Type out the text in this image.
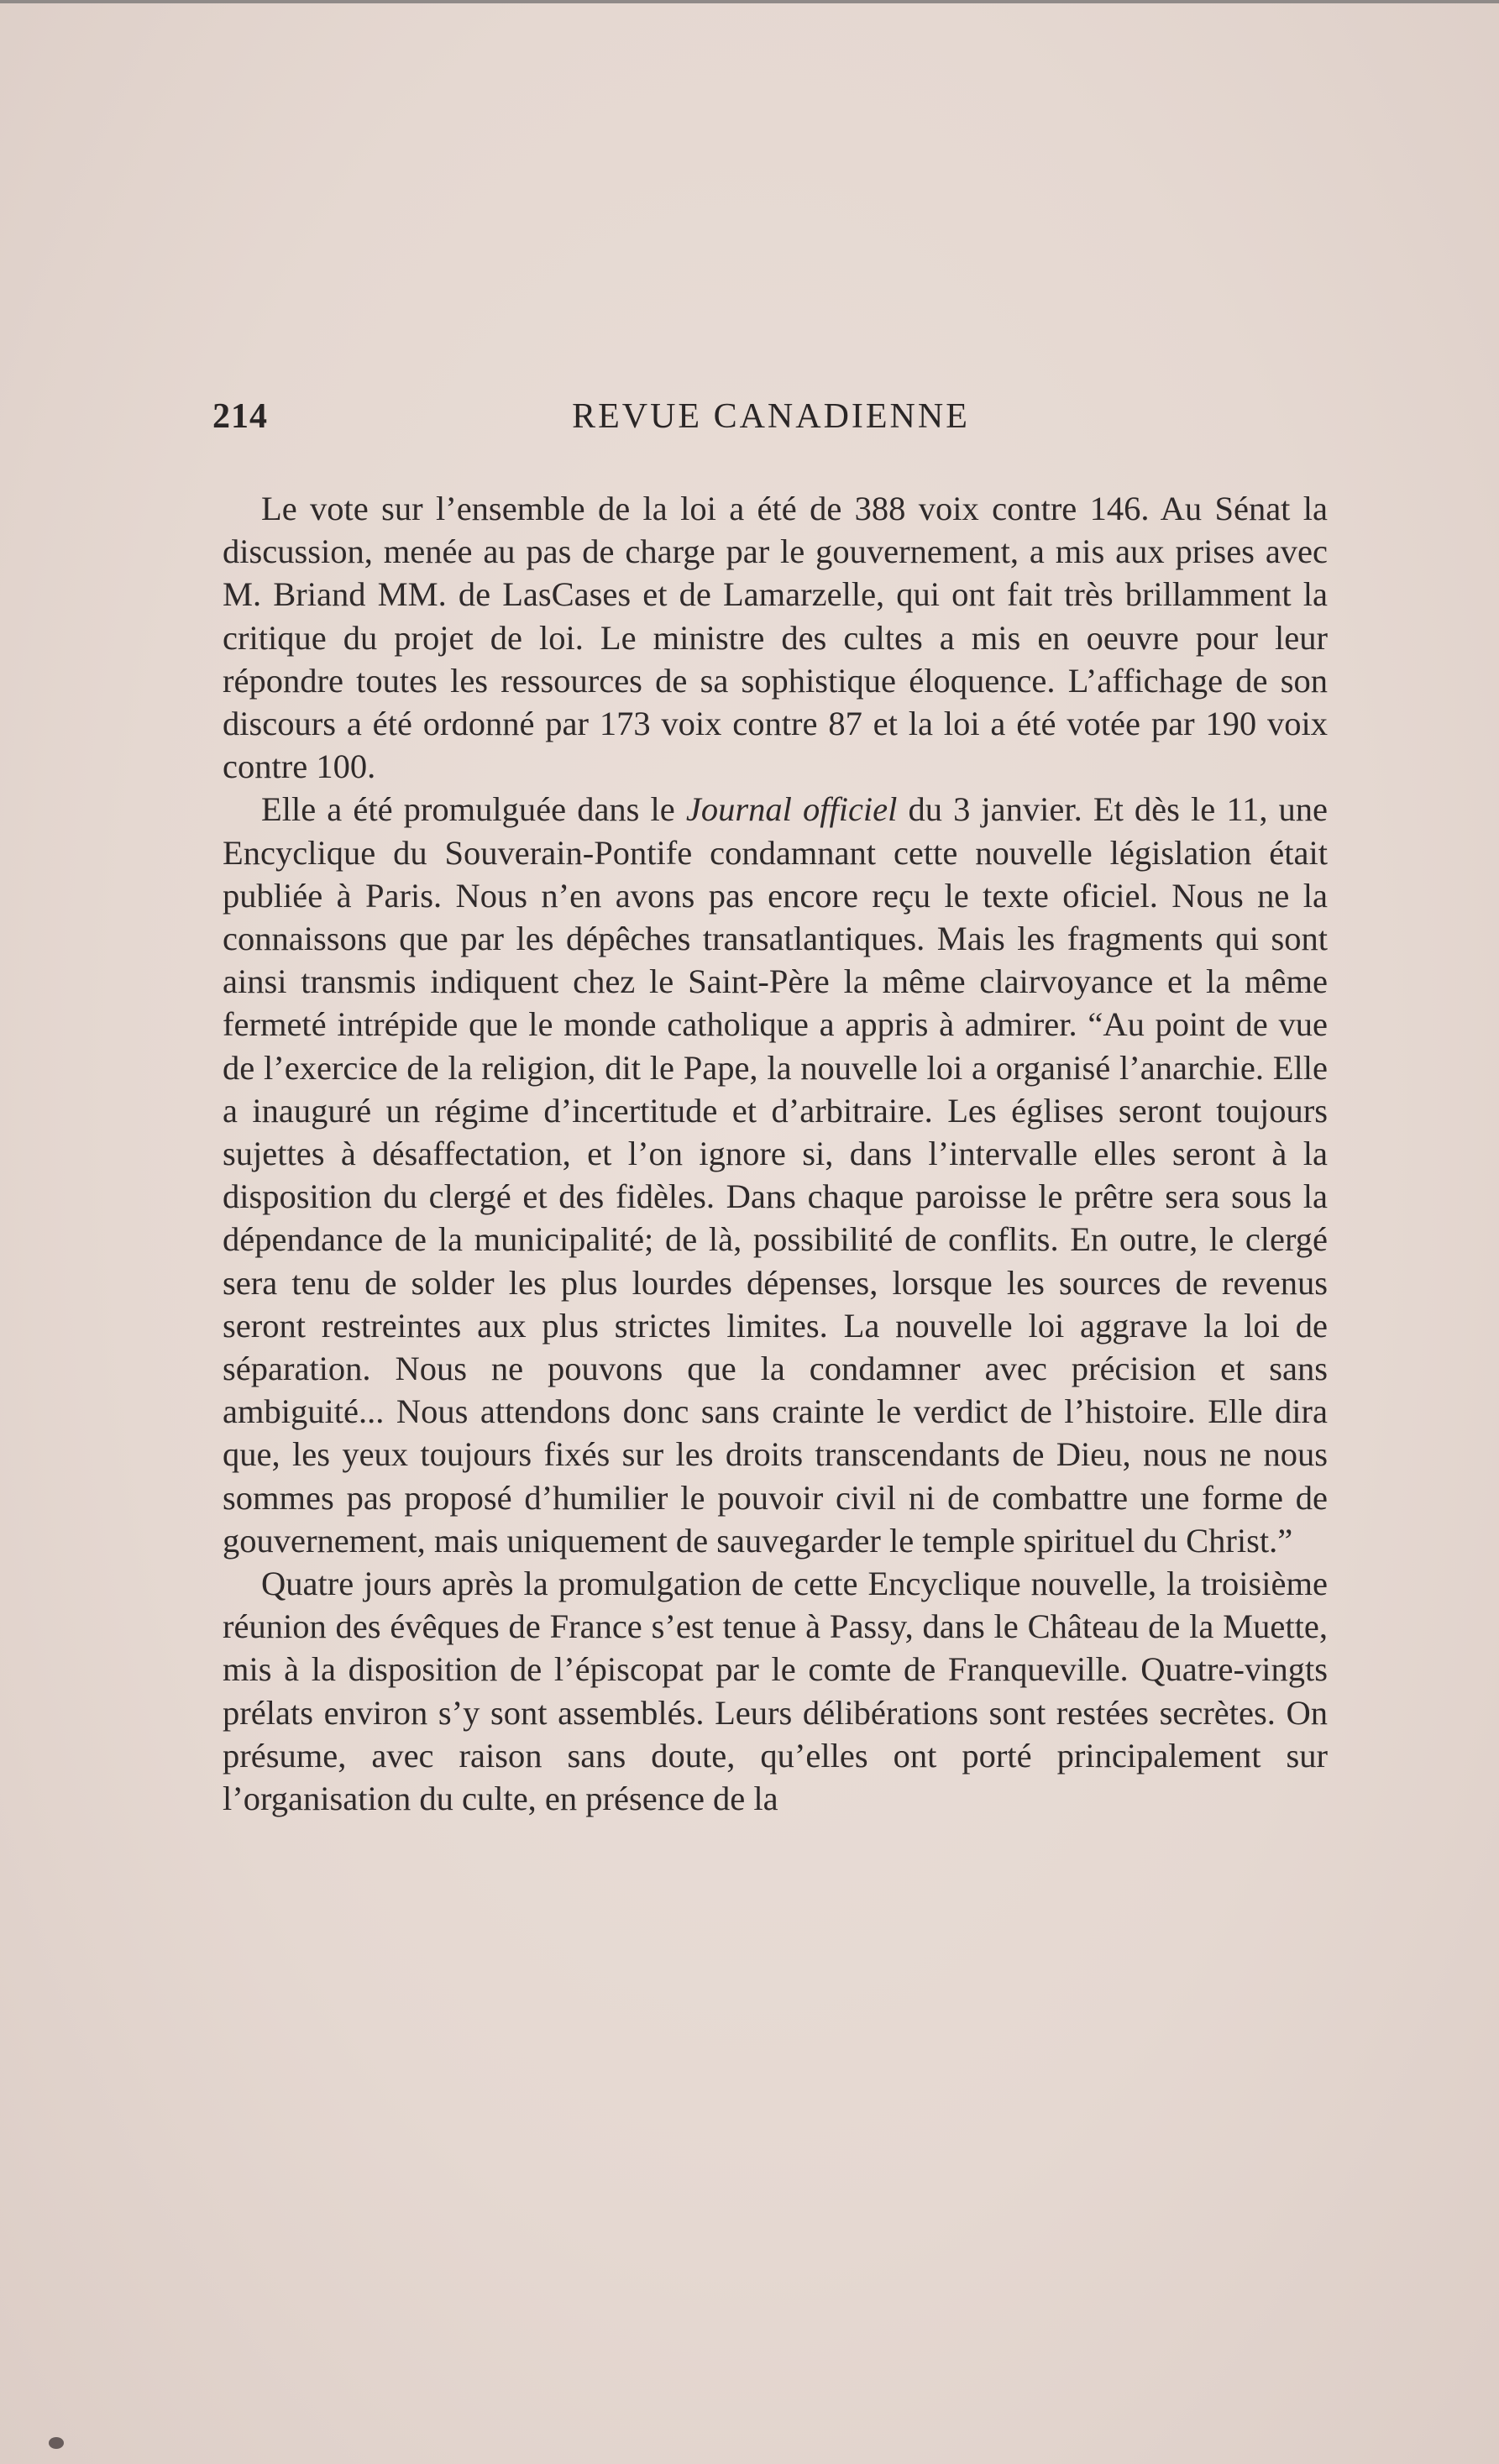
214	REVUE CANADIENNE

Le vote sur l’ensemble de la loi a été de 388 voix contre 146. Au Sénat la discussion, menée au pas de charge par le gouvernement, a mis aux prises avec M. Briand MM. de LasCases et de Lamarzelle, qui ont fait très brillamment la critique du projet de loi. Le ministre des cultes a mis en oeuvre pour leur répondre toutes les ressources de sa sophistique éloquence. L’affichage de son discours a été ordonné par 173 voix contre 87 et la loi a été votée par 190 voix contre 100.

Elle a été promulguée dans le Journal officiel du 3 janvier. Et dès le 11, une Encyclique du Souverain-Pontife condamnant cette nouvelle législation était publiée à Paris. Nous n’en avons pas encore reçu le texte oficiel. Nous ne la connaissons que par les dépêches transatlantiques. Mais les fragments qui sont ainsi transmis indiquent chez le Saint-Père la même clairvoyance et la même fermeté intrépide que le monde catholique a appris à admirer. “Au point de vue de l’exercice de la religion, dit le Pape, la nouvelle loi a organisé l’anarchie. Elle a inauguré un régime d’incertitude et d’arbitraire. Les églises seront toujours sujettes à désaffectation, et l’on ignore si, dans l’intervalle elles seront à la disposition du clergé et des fidèles. Dans chaque paroisse le prêtre sera sous la dépendance de la municipalité; de là, possibilité de conflits. En outre, le clergé sera tenu de solder les plus lourdes dépenses, lorsque les sources de revenus seront restreintes aux plus strictes limites. La nouvelle loi aggrave la loi de séparation. Nous ne pouvons que la condamner avec précision et sans ambiguité... Nous attendons donc sans crainte le verdict de l’histoire. Elle dira que, les yeux toujours fixés sur les droits transcendants de Dieu, nous ne nous sommes pas proposé d’humilier le pouvoir civil ni de combattre une forme de gouvernement, mais uniquement de sauvegarder le temple spirituel du Christ.”

Quatre jours après la promulgation de cette Encyclique nouvelle, la troisième réunion des évêques de France s’est tenue à Passy, dans le Château de la Muette, mis à la disposition de l’épiscopat par le comte de Franqueville. Quatre-vingts prélats environ s’y sont assemblés. Leurs délibérations sont restées secrètes. On présume, avec raison sans doute, qu’elles ont porté principalement sur l’organisation du culte, en présence de la
